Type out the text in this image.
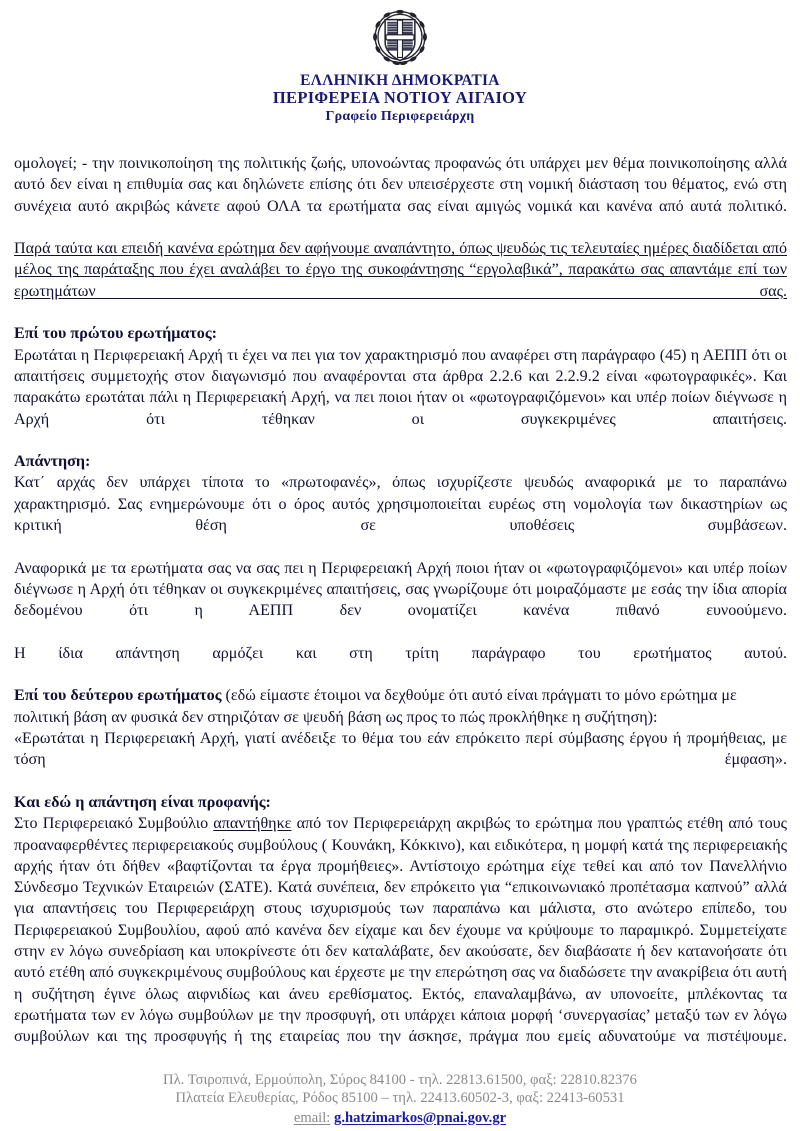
ΕΛΛΗΝΙΚΗ ΔΗΜΟΚΡΑΤΙΑ
ΠΕΡΙΦΕΡΕΙΑ ΝΟΤΙΟΥ ΑΙΓΑΙΟΥ
Γραφείο Περιφερειάρχη

ομολογεί; - την ποινικοποίηση της πολιτικής ζωής, υπονοώντας προφανώς ότι υπάρχει μεν θέμα ποινικοποίησης αλλά αυτό δεν είναι η επιθυμία σας και δηλώνετε επίσης ότι δεν υπεισέρχεστε στη νομική διάσταση του θέματος, ενώ στη συνέχεια αυτό ακριβώς κάνετε αφού ΟΛΑ τα ερωτήματα σας είναι αμιγώς νομικά και κανένα από αυτά πολιτικό.

Παρά ταύτα και επειδή κανένα ερώτημα δεν αφήνουμε αναπάντητο, όπως ψευδώς τις τελευταίες ημέρες διαδίδεται από μέλος της παράταξης που έχει αναλάβει το έργο της συκοφάντησης “εργολαβικά”, παρακάτω σας απαντάμε επί των ερωτημάτων σας.

Επί του πρώτου ερωτήματος:

Ερωτάται η Περιφερειακή Αρχή τι έχει να πει για τον χαρακτηρισμό που αναφέρει στη παράγραφο (45) η ΑΕΠΠ ότι οι απαιτήσεις συμμετοχής στον διαγωνισμό που αναφέρονται στα άρθρα 2.2.6 και 2.2.9.2 είναι «φωτογραφικές». Και παρακάτω ερωτάται πάλι η Περιφερειακή Αρχή, να πει ποιοι ήταν οι «φωτογραφιζόμενοι» και υπέρ ποίων διέγνωσε η Αρχή ότι τέθηκαν οι συγκεκριμένες απαιτήσεις.

Απάντηση:

Κατ΄ αρχάς δεν υπάρχει τίποτα το «πρωτοφανές», όπως ισχυρίζεστε ψευδώς αναφορικά με το παραπάνω χαρακτηρισμό. Σας ενημερώνουμε ότι ο όρος αυτός χρησιμοποιείται ευρέως στη νομολογία των δικαστηρίων ως κριτική θέση σε υποθέσεις συμβάσεων.

Αναφορικά με τα ερωτήματα σας να σας πει η Περιφερειακή Αρχή ποιοι ήταν οι «φωτογραφιζόμενοι» και υπέρ ποίων διέγνωσε η Αρχή ότι τέθηκαν οι συγκεκριμένες απαιτήσεις, σας γνωρίζουμε ότι μοιραζόμαστε με εσάς την ίδια απορία δεδομένου ότι η ΑΕΠΠ δεν ονοματίζει κανένα πιθανό ευνοούμενο.

Η ίδια απάντηση αρμόζει και στη τρίτη παράγραφο του ερωτήματος αυτού.

Επί του δεύτερου ερωτήματος (εδώ είμαστε έτοιμοι να δεχθούμε ότι αυτό είναι πράγματι το μόνο ερώτημα με πολιτική βάση αν φυσικά δεν στηριζόταν σε ψευδή βάση ως προς το πώς προκλήθηκε η συζήτηση):

«Ερωτάται η Περιφερειακή Αρχή, γιατί ανέδειξε το θέμα του εάν επρόκειτο περί σύμβασης έργου ή προμήθειας, με τόση έμφαση».

Και εδώ η απάντηση είναι προφανής:

Στο Περιφερειακό Συμβούλιο απαντήθηκε από τον Περιφερειάρχη ακριβώς το ερώτημα που γραπτώς ετέθη από τους προαναφερθέντες περιφερειακούς συμβούλους ( Κουνάκη, Κόκκινο), και ειδικότερα, η μομφή κατά της περιφερειακής αρχής ήταν ότι δήθεν «βαφτίζονται τα έργα προμήθειες». Αντίστοιχο ερώτημα είχε τεθεί και από τον Πανελλήνιο Σύνδεσμο Τεχνικών Εταιρειών (ΣΑΤΕ). Κατά συνέπεια, δεν επρόκειτο για “επικοινωνιακό προπέτασμα καπνού” αλλά για απαντήσεις του Περιφερειάρχη στους ισχυρισμούς των παραπάνω και μάλιστα, στο ανώτερο επίπεδο, του Περιφερειακού Συμβουλίου, αφού από κανένα δεν είχαμε και δεν έχουμε να κρύψουμε το παραμικρό. Συμμετείχατε στην εν λόγω συνεδρίαση και υποκρίνεστε ότι δεν καταλάβατε, δεν ακούσατε, δεν διαβάσατε ή δεν κατανοήσατε ότι αυτό ετέθη από συγκεκριμένους συμβούλους και έρχεστε με την επερώτηση σας να διαδώσετε την ανακρίβεια ότι αυτή η συζήτηση έγινε όλως αιφνιδίως και άνευ ερεθίσματος. Εκτός, επαναλαμβάνω, αν υπονοείτε, μπλέκοντας τα ερωτήματα των εν λόγω συμβούλων με την προσφυγή, οτι υπάρχει κάποια μορφή ‘συνεργασίας’ μεταξύ των εν λόγω συμβούλων και της προσφυγής ή της εταιρείας που την άσκησε, πράγμα που εμείς αδυνατούμε να πιστέψουμε.

Πλ. Τσιροπινά, Ερμούπολη, Σύρος 84100 - τηλ. 22813.61500, φαξ: 22810.82376
Πλατεία Ελευθερίας, Ρόδος 85100 – τηλ. 22413.60502-3, φαξ: 22413-60531
email: g.hatzimarkos@pnai.gov.gr
